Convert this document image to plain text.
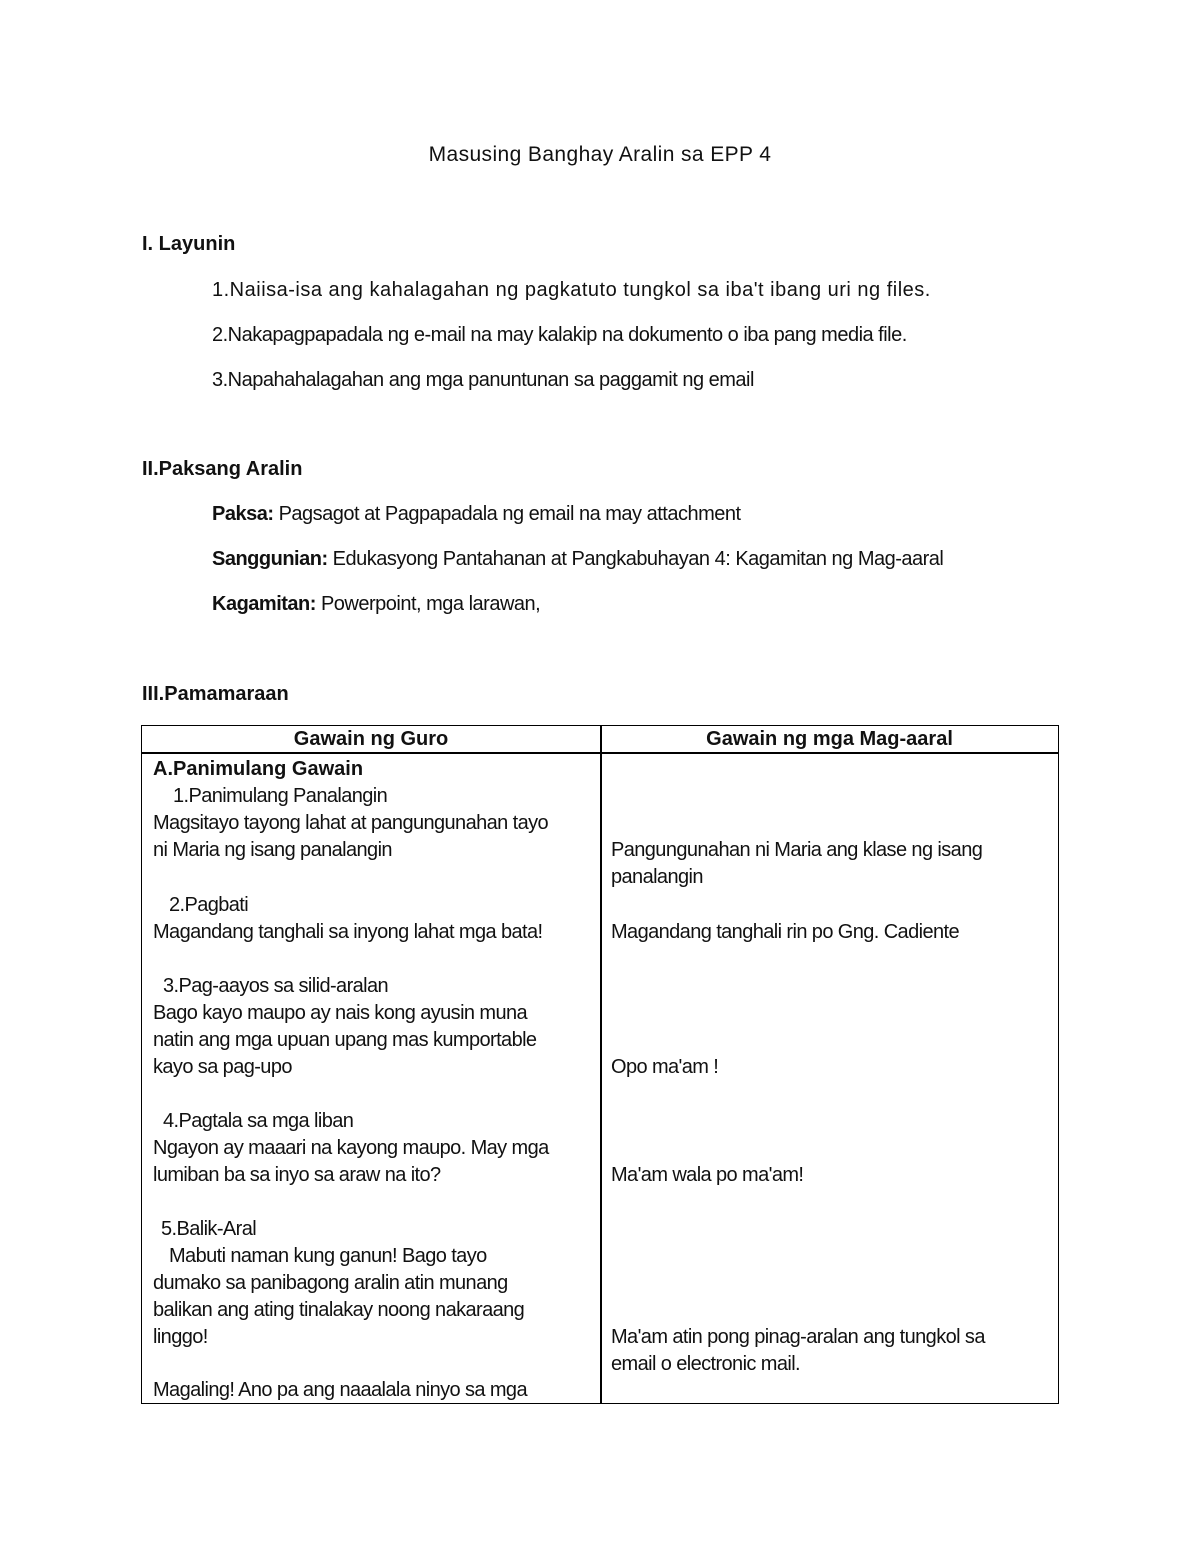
Masusing Banghay Aralin sa EPP 4
I. Layunin
1.Naiisa-isa ang kahalagahan ng pagkatuto tungkol sa iba't ibang uri ng files.
2.Nakapagpapadala ng e-mail na may kalakip na dokumento o iba pang media file.
3.Napahahalagahan ang mga panuntunan sa paggamit ng email
II.Paksang Aralin
Paksa: Pagsagot at Pagpapadala ng email na may attachment
Sanggunian: Edukasyong Pantahanan at Pangkabuhayan 4: Kagamitan ng Mag-aaral
Kagamitan: Powerpoint, mga larawan,
III.Pamamaraan
Gawain ng Guro	Gawain ng mga Mag-aaral
A.Panimulang Gawain
1.Panimulang Panalangin
Magsitayo tayong lahat at pangungunahan tayo
ni Maria ng isang panalangin
2.Pagbati
Magandang tanghali sa inyong lahat mga bata!
3.Pag-aayos sa silid-aralan
Bago kayo maupo ay nais kong ayusin muna
natin ang mga upuan upang mas kumportable
kayo sa pag-upo
4.Pagtala sa mga liban
Ngayon ay maaari na kayong maupo. May mga
lumiban ba sa inyo sa araw na ito?
5.Balik-Aral
Mabuti naman kung ganun! Bago tayo
dumako sa panibagong aralin atin munang
balikan ang ating tinalakay noong nakaraang
linggo!
Magaling! Ano pa ang naaalala ninyo sa mga
Pangungunahan ni Maria ang klase ng isang
panalangin
Magandang tanghali rin po Gng. Cadiente
Opo ma'am !
Ma'am wala po ma'am!
Ma'am atin pong pinag-aralan ang tungkol sa
email o electronic mail.
